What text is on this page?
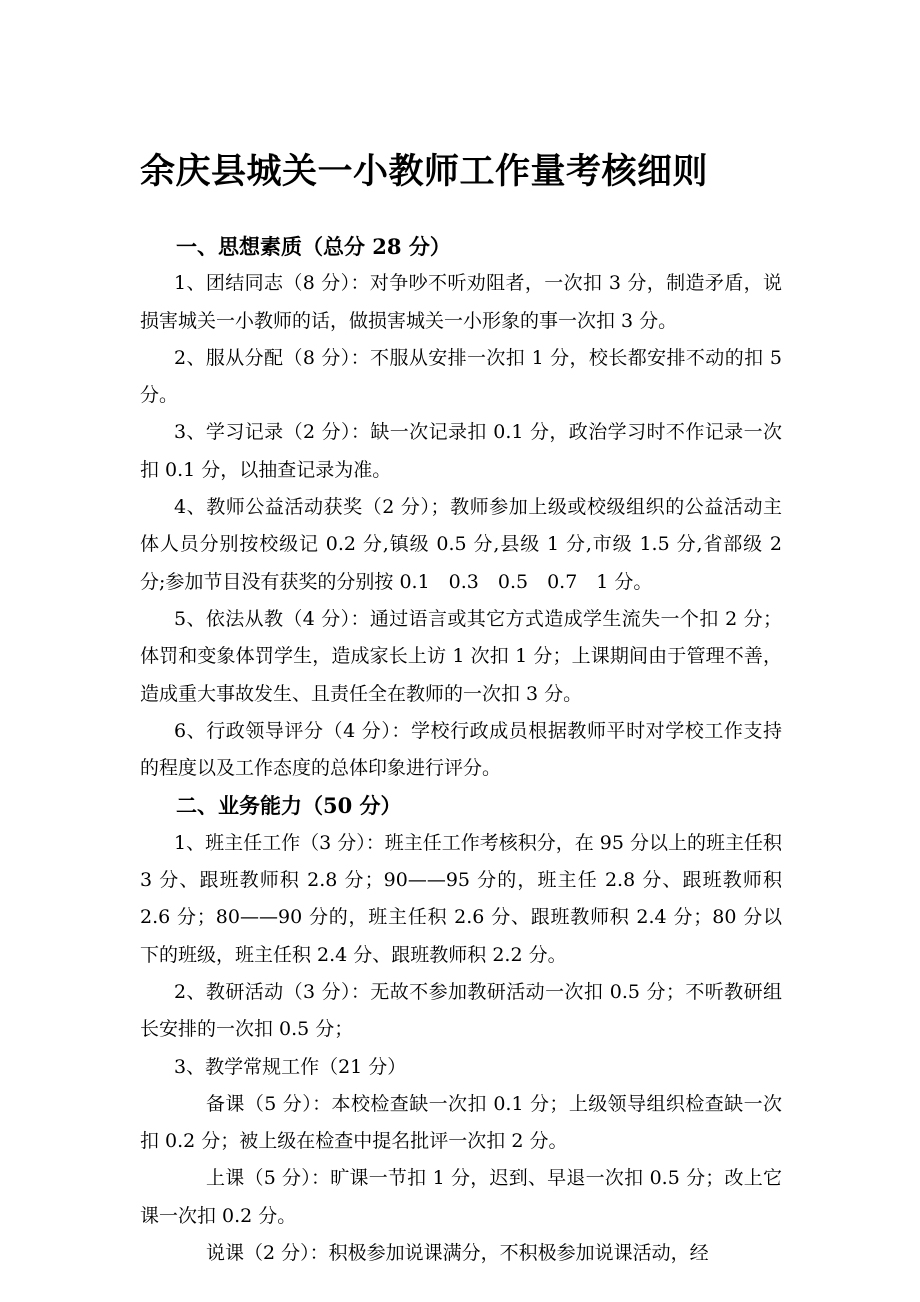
余庆县城关一小教师工作量考核细则

一、思想素质（总分 28 分）

1、团结同志（8 分）：对争吵不听劝阻者，一次扣 3 分，制造矛盾，说损害城关一小教师的话，做损害城关一小形象的事一次扣 3 分。

2、服从分配（8 分）：不服从安排一次扣 1 分，校长都安排不动的扣 5 分。

3、学习记录（2 分）：缺一次记录扣 0.1 分，政治学习时不作记录一次扣 0.1 分，以抽查记录为准。

4、教师公益活动获奖（2 分）；教师参加上级或校级组织的公益活动主体人员分别按校级记 0.2 分,镇级 0.5 分,县级 1 分,市级 1.5 分,省部级 2 分;参加节目没有获奖的分别按 0.1　0.3　0.5　0.7　1 分。

5、依法从教（4 分）：通过语言或其它方式造成学生流失一个扣 2 分；体罚和变象体罚学生，造成家长上访 1 次扣 1 分；上课期间由于管理不善，造成重大事故发生、且责任全在教师的一次扣 3 分。

6、行政领导评分（4 分）：学校行政成员根据教师平时对学校工作支持的程度以及工作态度的总体印象进行评分。

二、业务能力（50 分）

1、班主任工作（3 分）：班主任工作考核积分，在 95 分以上的班主任积 3 分、跟班教师积 2.8 分；90——95 分的，班主任 2.8 分、跟班教师积 2.6 分；80——90 分的，班主任积 2.6 分、跟班教师积 2.4 分；80 分以下的班级，班主任积 2.4 分、跟班教师积 2.2 分。

2、教研活动（3 分）：无故不参加教研活动一次扣 0.5 分；不听教研组长安排的一次扣 0.5 分；

3、教学常规工作（21 分）

备课（5 分）：本校检查缺一次扣 0.1 分；上级领导组织检查缺一次扣 0.2 分；被上级在检查中提名批评一次扣 2 分。

上课（5 分）：旷课一节扣 1 分，迟到、早退一次扣 0.5 分；改上它课一次扣 0.2 分。

说课（2 分）：积极参加说课满分，不积极参加说课活动，经
